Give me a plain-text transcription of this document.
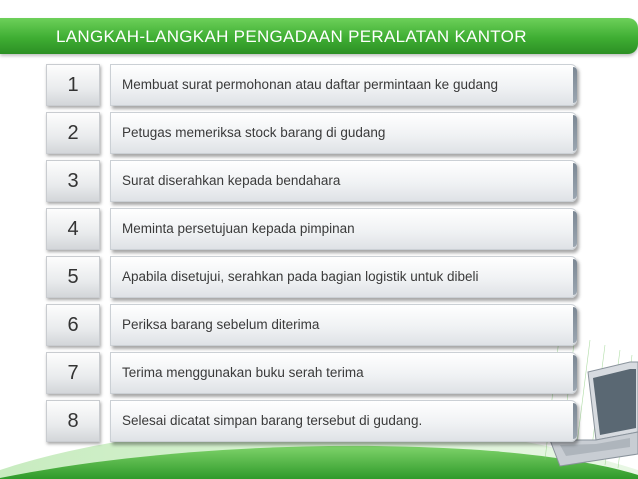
LANGKAH-LANGKAH PENGADAAN PERALATAN KANTOR
1	Membuat surat permohonan atau daftar permintaan ke gudang
2	Petugas memeriksa stock barang di gudang
3	Surat diserahkan kepada bendahara
4	Meminta persetujuan kepada pimpinan
5	Apabila disetujui, serahkan pada bagian logistik untuk dibeli
6	Periksa barang sebelum diterima
7	Terima menggunakan buku serah terima
8	Selesai dicatat simpan barang tersebut di gudang.
